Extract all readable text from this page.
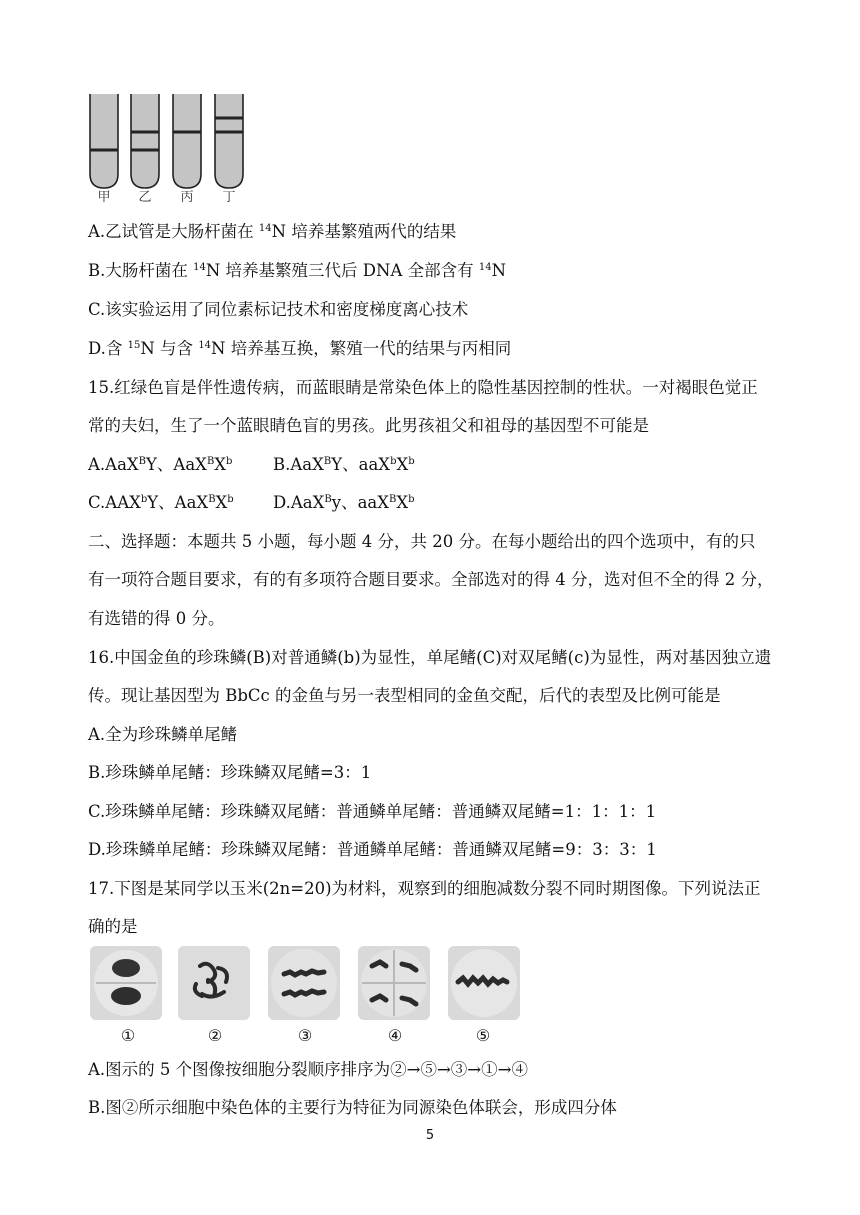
甲	乙	丙	丁
A.乙试管是大肠杆菌在 $^{14}$N 培养基繁殖两代的结果
B.大肠杆菌在 $^{14}$N 培养基繁殖三代后 DNA 全部含有 $^{14}$N
C.该实验运用了同位素标记技术和密度梯度离心技术
D.含 $^{15}$N 与含 $^{14}$N 培养基互换，繁殖一代的结果与丙相同
15.红绿色盲是伴性遗传病，而蓝眼睛是常染色体上的隐性基因控制的性状。一对褐眼色觉正
常的夫妇，生了一个蓝眼睛色盲的男孩。此男孩祖父和祖母的基因型不可能是
A.AaX$^B$Y、$AaX^BX^b$	B.AaX$^B$Y、$aaX^bX^b$
C.AAX$^b$Y、$AaX^BX^b$	D.AaX$^B$y、$aaX^BX^b$
二、选择题：本题共 5 小题，每小题 4 分，共 20 分。在每小题给出的四个选项中，有的只
有一项符合题目要求，有的有多项符合题目要求。全部选对的得 4 分，选对但不全的得 2 分，
有选错的得 0 分。
16.中国金鱼的珍珠鳞(B)对普通鳞(b)为显性，单尾鳍(C)对双尾鳍(c)为显性，两对基因独立遗
传。现让基因型为 BbCc 的金鱼与另一表型相同的金鱼交配，后代的表型及比例可能是
A.全为珍珠鳞单尾鳍
B.珍珠鳞单尾鳍：珍珠鳞双尾鳍=3：1
C.珍珠鳞单尾鳍：珍珠鳞双尾鳍：普通鳞单尾鳍：普通鳞双尾鳍=1：1：1：1
D.珍珠鳞单尾鳍：珍珠鳞双尾鳍：普通鳞单尾鳍：普通鳞双尾鳍=9：3：3：1
17.下图是某同学以玉米(2n=20)为材料，观察到的细胞减数分裂不同时期图像。下列说法正
确的是
①	②	③	④	⑤
A.图示的 5 个图像按细胞分裂顺序排序为②→⑤→③→①→④
B.图②所示细胞中染色体的主要行为特征为同源染色体联会，形成四分体
5
